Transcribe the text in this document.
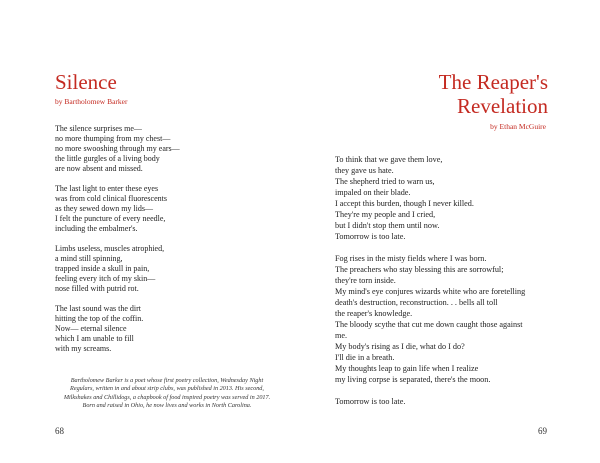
Silence
by Bartholomew Barker
The silence surprises me—
no more thumping from my chest—
no more swooshing through my ears—
the little gurgles of a living body
are now absent and missed.
The last light to enter these eyes
was from cold clinical fluorescents
as they sewed down my lids—
I felt the puncture of every needle,
including the embalmer's.
Limbs useless, muscles atrophied,
a mind still spinning,
trapped inside a skull in pain,
feeling every itch of my skin—
nose filled with putrid rot.
The last sound was the dirt
hitting the top of the coffin.
Now— eternal silence
which I am unable to fill
with my screams.
Bartholomew Barker is a poet whose first poetry collection, Wednesday Night Regulars, written in and about strip clubs, was published in 2013. His second, Milkshakes and Chillidogs, a chapbook of food inspired poetry was served in 2017. Born and raised in Ohio, he now lives and works in North Carolina.
68
The Reaper's
Revelation
by Ethan McGuire
To think that we gave them love,
they gave us hate.
The shepherd tried to warn us,
impaled on their blade.
I accept this burden, though I never killed.
They're my people and I cried,
but I didn't stop them until now.
Tomorrow is too late.
Fog rises in the misty fields where I was born.
The preachers who stay blessing this are sorrowful;
they're torn inside.
My mind's eye conjures wizards white who are foretelling
death's destruction, reconstruction. . . bells all toll
the reaper's knowledge.
The bloody scythe that cut me down caught those against
me.
My body's rising as I die, what do I do?
I'll die in a breath.
My thoughts leap to gain life when I realize
my living corpse is separated, there's the moon.
Tomorrow is too late.
69
